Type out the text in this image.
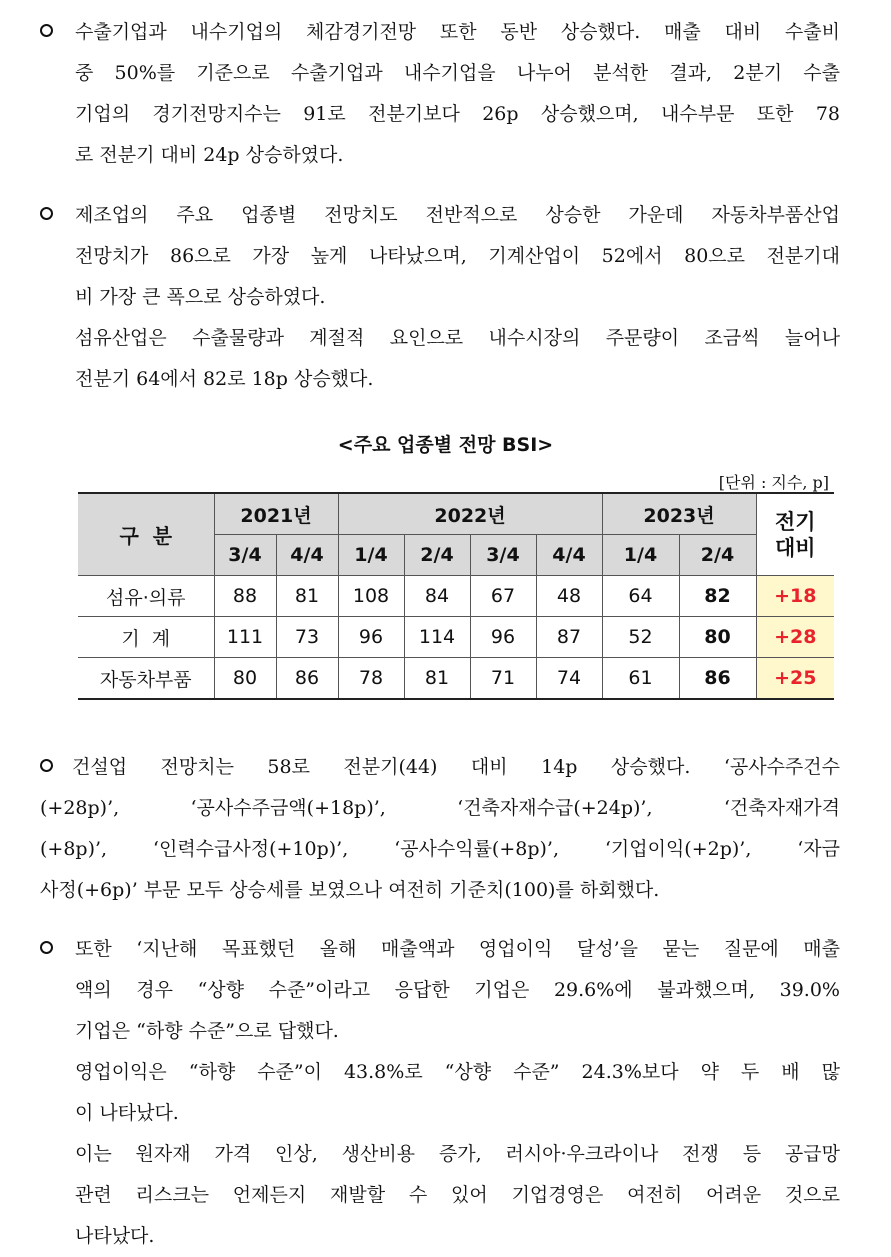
수출기업과 내수기업의 체감경기전망 또한 동반 상승했다. 매출 대비 수출비
중 50%를 기준으로 수출기업과 내수기업을 나누어 분석한 결과, 2분기 수출
기업의 경기전망지수는 91로 전분기보다 26p 상승했으며, 내수부문 또한 78
로 전분기 대비 24p 상승하였다.
제조업의 주요 업종별 전망치도 전반적으로 상승한 가운데 자동차부품산업
전망치가 86으로 가장 높게 나타났으며, 기계산업이 52에서 80으로 전분기대
비 가장 큰 폭으로 상승하였다.
섬유산업은 수출물량과 계절적 요인으로 내수시장의 주문량이 조금씩 늘어나
전분기 64에서 82로 18p 상승했다.
<주요 업종별 전망 BSI>
[단위 : 지수, p]
구  분	2021년		2022년				2023년		전기 대비
	3/4	4/4	1/4	2/4	3/4	4/4	1/4	2/4	
섬유·의류	88	81	108	84	67	48	64	82	+18
기  계	111	73	96	114	96	87	52	80	+28
자동차부품	80	86	78	81	71	74	61	86	+25
건설업 전망치는 58로 전분기(44) 대비 14p 상승했다. ‘공사수주건수
(+28p)’, ‘공사수주금액(+18p)’, ‘건축자재수급(+24p)’, ‘건축자재가격
(+8p)’, ‘인력수급사정(+10p)’, ‘공사수익률(+8p)’, ‘기업이익(+2p)’, ‘자금
사정(+6p)’ 부문 모두 상승세를 보였으나 여전히 기준치(100)를 하회했다.
또한 ‘지난해 목표했던 올해 매출액과 영업이익 달성’을 묻는 질문에 매출
액의 경우 “상향 수준”이라고 응답한 기업은 29.6%에 불과했으며, 39.0%
기업은 “하향 수준”으로 답했다.
영업이익은 “하향 수준”이 43.8%로 “상향 수준” 24.3%보다 약 두 배 많
이 나타났다.
이는 원자재 가격 인상, 생산비용 증가, 러시아·우크라이나 전쟁 등 공급망
관련 리스크는 언제든지 재발할 수 있어 기업경영은 여전히 어려운 것으로
나타났다.
